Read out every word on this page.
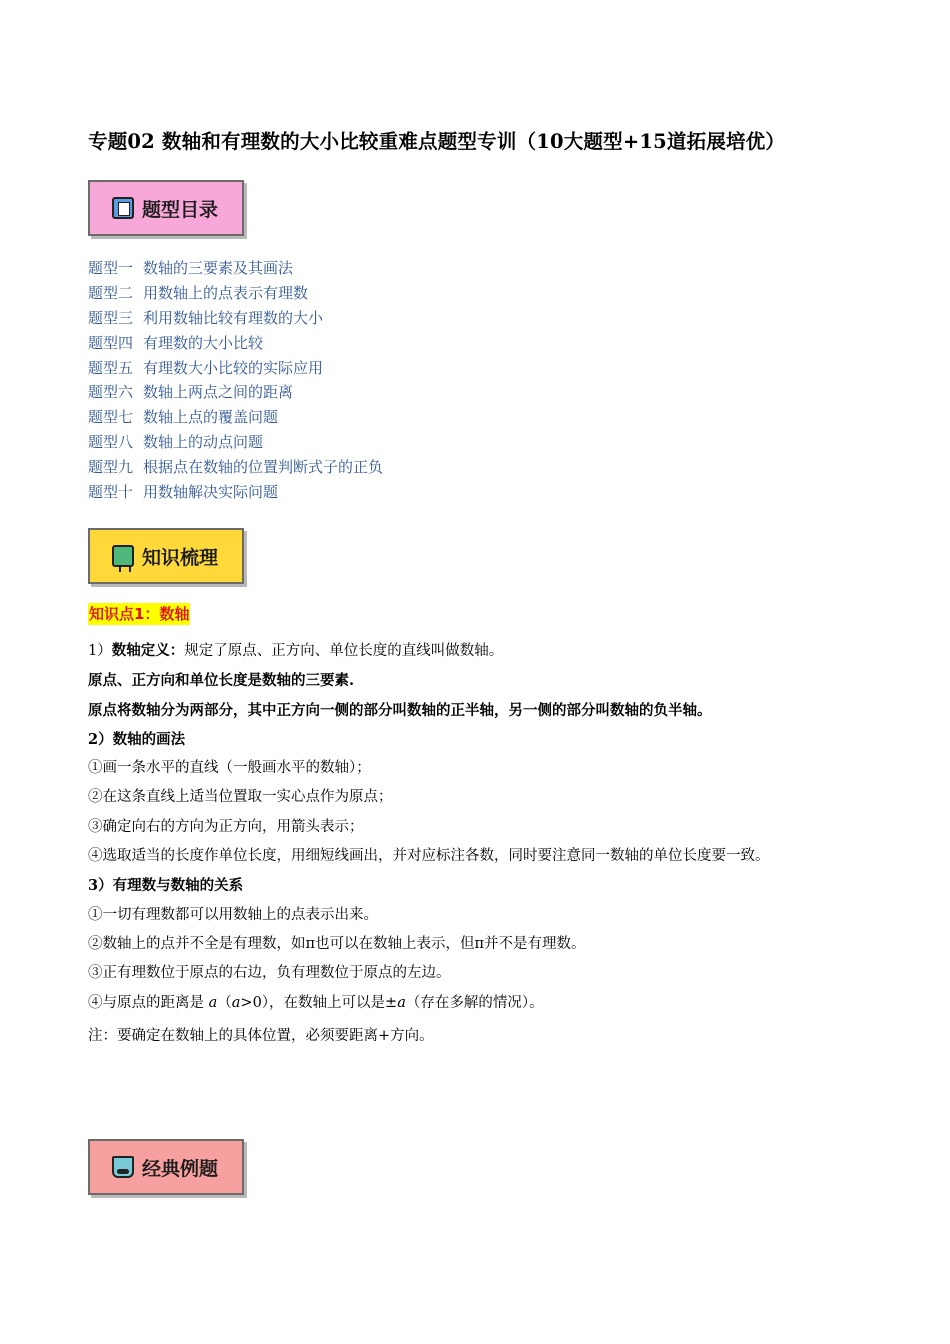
专题02 数轴和有理数的大小比较重难点题型专训（10大题型+15道拓展培优）
题型目录
题型一 数轴的三要素及其画法
题型二 用数轴上的点表示有理数
题型三 利用数轴比较有理数的大小
题型四 有理数的大小比较
题型五 有理数大小比较的实际应用
题型六 数轴上两点之间的距离
题型七 数轴上点的覆盖问题
题型八 数轴上的动点问题
题型九 根据点在数轴的位置判断式子的正负
题型十 用数轴解决实际问题
知识梳理
知识点1：数轴

1）数轴定义：规定了原点、正方向、单位长度的直线叫做数轴。

原点、正方向和单位长度是数轴的三要素.

原点将数轴分为两部分，其中正方向一侧的部分叫数轴的正半轴，另一侧的部分叫数轴的负半轴。

2）数轴的画法

①画一条水平的直线（一般画水平的数轴）；

②在这条直线上适当位置取一实心点作为原点；

③确定向右的方向为正方向，用箭头表示；

④选取适当的长度作单位长度，用细短线画出，并对应标注各数，同时要注意同一数轴的单位长度要一致。

3）有理数与数轴的关系

①一切有理数都可以用数轴上的点表示出来。

②数轴上的点并不全是有理数，如π也可以在数轴上表示，但π并不是有理数。

③正有理数位于原点的右边，负有理数位于原点的左边。

④与原点的距离是 a（a>0），在数轴上可以是±a（存在多解的情况）。

注：要确定在数轴上的具体位置，必须要距离+方向。

经典例题
